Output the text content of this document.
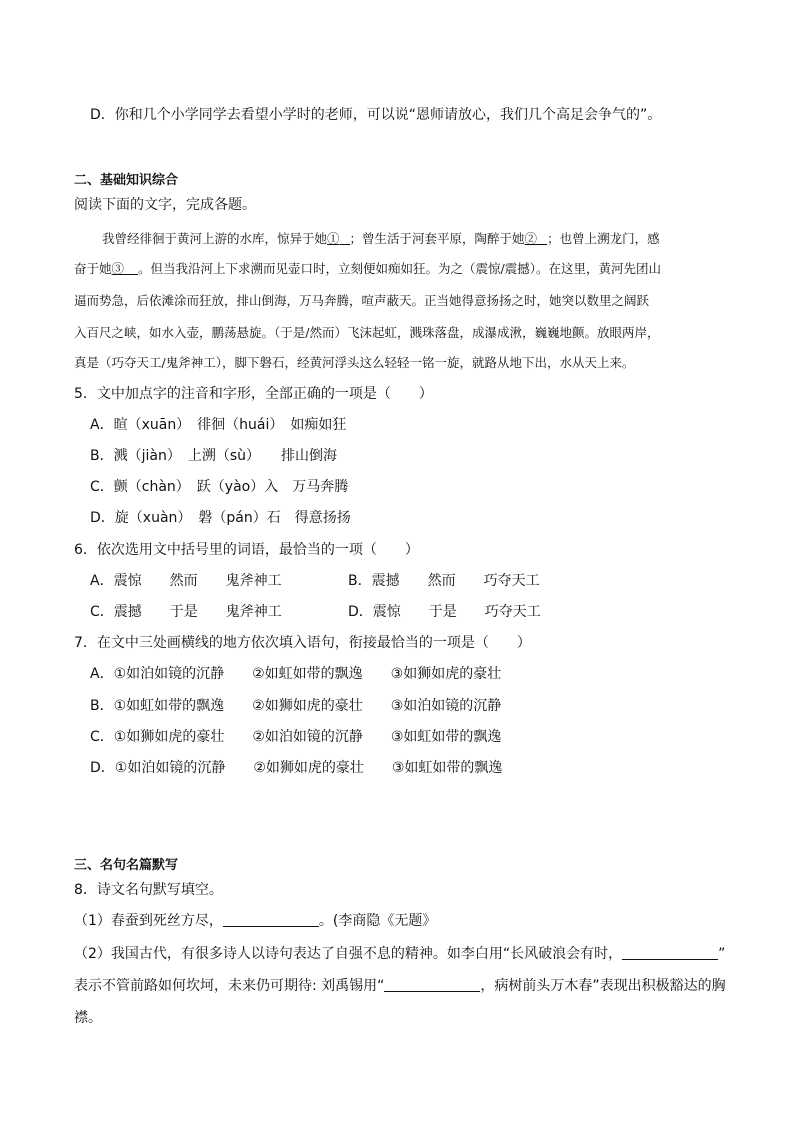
D．你和几个小学同学去看望小学时的老师，可以说“恩师请放心，我们几个高足会争气的”。
二、基础知识综合
阅读下面的文字，完成各题。
我曾经徘徊于黄河上游的水库，惊异于她① ；曾生活于河套平原，陶醉于她② ；也曾上溯龙门，感
奋于她③ 。但当我沿河上下求溯而见壶口时，立刻便如痴如狂。为之（震惊/震撼）。在这里，黄河先团山
逼而势急，后依滩涂而狂放，排山倒海，万马奔腾，喧声蔽天。正当她得意扬扬之时，她突以数里之阔跃
入百尺之峡，如水入壶，鹏荡悬旋。（于是/然而）飞沫起虹，溅珠落盘，成瀑成湫，巍巍地颤。放眼两岸，
真是（巧夺天工/鬼斧神工），脚下磐石，经黄河浮头这么轻轻一铭一旋，就路从地下出，水从天上来。
5．文中加点字的注音和字形，全部正确的一项是（　　）
A．暄（xuān）　徘徊（huái）　如痴如狂
B．溅（jiàn）　上溯（sù）　　排山倒海
C．颤（chàn）　跃（yào）入　万马奔腾
D．旋（xuàn）　磐（pán）石　得意扬扬
6．依次选用文中括号里的词语，最恰当的一项（　　）
A．震惊　　然而　　鬼斧神工	B．震撼　　然而　　巧夺天工
C．震撼　　于是　　鬼斧神工	D．震惊　　于是　　巧夺天工
7．在文中三处画横线的地方依次填入语句，衔接最恰当的一项是（　　）
A．①如泊如镜的沉静　　②如虹如带的飘逸　　③如狮如虎的豪壮
B．①如虹如带的飘逸　　②如狮如虎的豪壮　　③如泊如镜的沉静
C．①如狮如虎的豪壮　　②如泊如镜的沉静　　③如虹如带的飘逸
D．①如泊如镜的沉静　　②如狮如虎的豪壮　　③如虹如带的飘逸
三、名句名篇默写
8．诗文名句默写填空。
（1）春蚕到死丝方尽，	。(李商隐《无题》
（2）我国古代，有很多诗人以诗句表达了自强不息的精神。如李白用“长风破浪会有时，	”
表示不管前路如何坎坷，未来仍可期待: 刘禹锡用“	，病树前头万木春”表现出积极豁达的胸
襟。
